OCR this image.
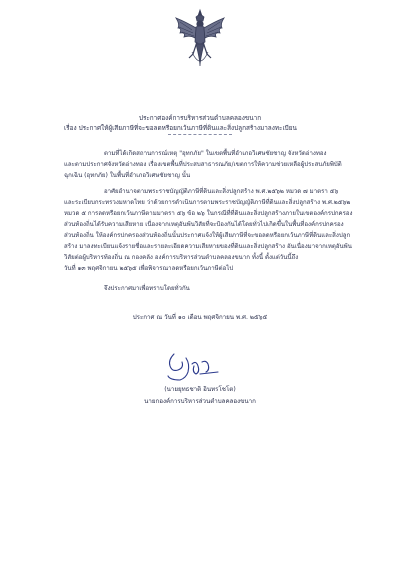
ประกาศองค์การบริหารส่วนตำบลคลองขนาก
เรื่อง ประกาศให้ผู้เสียภาษีที่จะขอลดหรือยกเว้นภาษีที่ดินและสิ่งปลูกสร้างมาลงทะเบียน
ตามที่ได้เกิดสถานการณ์เหตุ "อุทกภัย" ในเขตพื้นที่อำเภอวิเศษชัยชาญ จังหวัดอ่างทอง
และตามประกาศจังหวัดอ่างทอง เรื่องเขตพื้นที่ประสบสาธารณภัย/เขตการให้ความช่วยเหลือผู้ประสบภัยพิบัติ
ฉุกเฉิน (อุทกภัย) ในพื้นที่อำเภอวิเศษชัยชาญ นั้น
อาศัยอำนาจตามพระราชบัญญัติภาษีที่ดินและสิ่งปลูกสร้าง พ.ศ.๒๕๖๒ หมวด ๗ มาตรา ๕๖
และระเบียบกระทรวงมหาดไทย ว่าด้วยการดำเนินการตามพระราชบัญญัติภาษีที่ดินและสิ่งปลูกสร้าง พ.ศ.๒๕๖๒
หมวด ๕ การลดหรือยกเว้นภาษีตามมาตรา ๕๖ ข้อ ๒๖ ในกรณีที่ที่ดินและสิ่งปลูกสร้างภายในเขตองค์กรปกครอง
ส่วนท้องถิ่นได้รับความเสียหาย เนื่องจากเหตุอันพ้นวิสัยที่จะป้องกันได้โดยทั่วไปเกิดขึ้นในพื้นที่องค์กรปกครอง
ส่วนท้องถิ่น ให้องค์กรปกครองส่วนท้องถิ่นนั้นประกาศแจ้งให้ผู้เสียภาษีที่จะขอลดหรือยกเว้นภาษีที่ดินและสิ่งปลูก
สร้าง มาลงทะเบียนแจ้งรายชื่อและรายละเอียดความเสียหายของที่ดินและสิ่งปลูกสร้าง อันเนื่องมาจากเหตุอันพ้น
วิสัยต่อผู้บริหารท้องถิ่น ณ กองคลัง องค์การบริหารส่วนตำบลคลองขนาก ทั้งนี้ ตั้งแต่วันนี้ถึง
วันที่ ๑๓ พฤศจิกายน ๒๕๖๕ เพื่อพิจารณาลดหรือยกเว้นภาษีต่อไป
จึงประกาศมาเพื่อทราบโดยทั่วกัน
ประกาศ ณ วันที่ ๑๐ เดือน พฤศจิกายน พ.ศ. ๒๕๖๕
(นายยุทธชาติ อินทรโชโต)
นายกองค์การบริหารส่วนตำบลคลองขนาก
